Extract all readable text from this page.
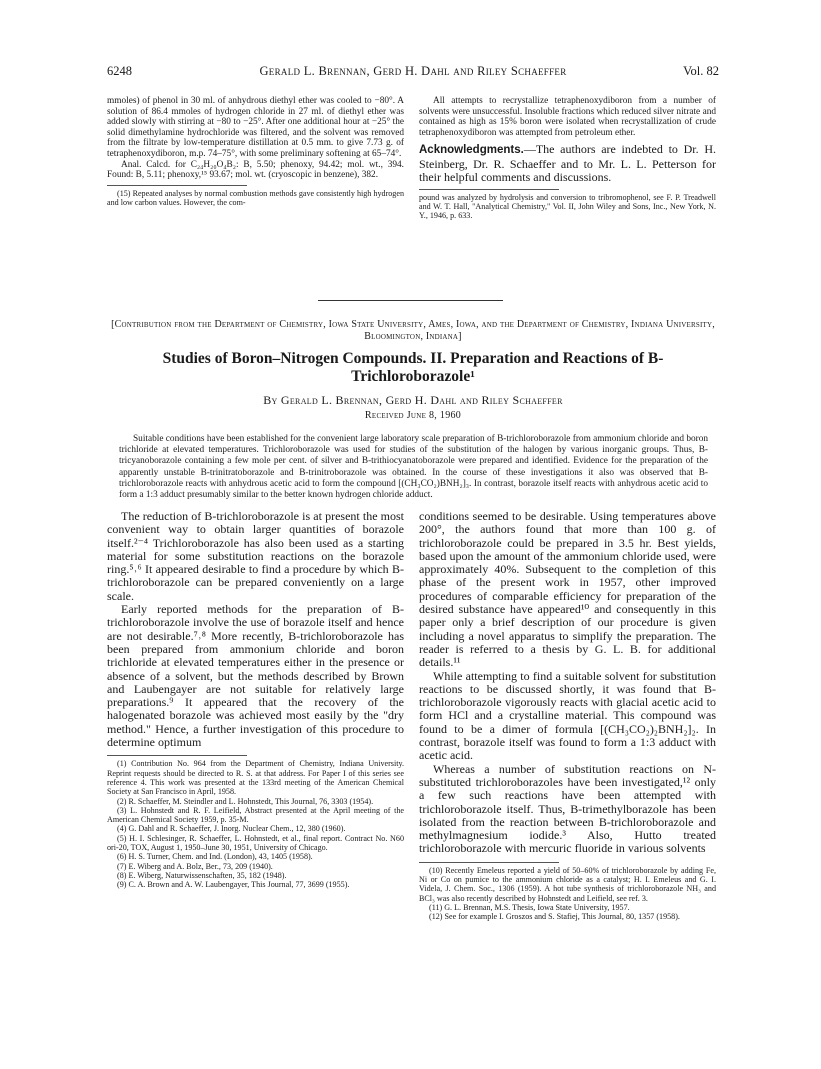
6248	Gerald L. Brennan, Gerd H. Dahl and Riley Schaeffer	Vol. 82

mmoles) of phenol in 30 ml. of anhydrous diethyl ether was cooled to −80°. A solution of 86.4 mmoles of hydrogen chloride in 27 ml. of diethyl ether was added slowly with stirring at −80 to −25°. After one additional hour at −25° the solid dimethylamine hydrochloride was filtered, and the solvent was removed from the filtrate by low-temperature distillation at 0.5 mm. to give 7.73 g. of tetraphenoxydiboron, m.p. 74–75°, with some preliminary softening at 65–74°.

Anal. Calcd. for C₂₄H₂₀O₄B₂: B, 5.50; phenoxy, 94.42; mol. wt., 394. Found: B, 5.11; phenoxy,¹⁵ 93.67; mol. wt. (cryoscopic in benzene), 382.

(15) Repeated analyses by normal combustion methods gave consistently high hydrogen and low carbon values. However, the com-

All attempts to recrystallize tetraphenoxydiboron from a number of solvents were unsuccessful. Insoluble fractions which reduced silver nitrate and contained as high as 15% boron were isolated when recrystallization of crude tetraphenoxydiboron was attempted from petroleum ether.

Acknowledgments.—The authors are indebted to Dr. H. Steinberg, Dr. R. Schaeffer and to Mr. L. L. Petterson for their helpful comments and discussions.

pound was analyzed by hydrolysis and conversion to tribromophenol, see F. P. Treadwell and W. T. Hall, "Analytical Chemistry," Vol. II, John Wiley and Sons, Inc., New York, N. Y., 1946, p. 633.

[Contribution from the Department of Chemistry, Iowa State University, Ames, Iowa, and the Department of Chemistry, Indiana University, Bloomington, Indiana]
Studies of Boron–Nitrogen Compounds. II. Preparation and Reactions of B-Trichloroborazole¹
By Gerald L. Brennan, Gerd H. Dahl and Riley Schaeffer
Received June 8, 1960
Suitable conditions have been established for the convenient large laboratory scale preparation of B-trichloroborazole from ammonium chloride and boron trichloride at elevated temperatures. Trichloroborazole was used for studies of the substitution of the halogen by various inorganic groups. Thus, B-tricyanoborazole containing a few mole per cent. of silver and B-trithiocyanatoborazole were prepared and identified. Evidence for the preparation of the apparently unstable B-trinitratoborazole and B-trinitroborazole was obtained. In the course of these investigations it also was observed that B-trichloroborazole reacts with anhydrous acetic acid to form the compound [(CH₃CO₂)BNH₂]₃. In contrast, borazole itself reacts with anhydrous acetic acid to form a 1:3 adduct presumably similar to the better known hydrogen chloride adduct.

The reduction of B-trichloroborazole is at present the most convenient way to obtain larger quantities of borazole itself.²⁻⁴ Trichloroborazole has also been used as a starting material for some substitution reactions on the borazole ring.⁵˒⁶ It appeared desirable to find a procedure by which B-trichloroborazole can be prepared conveniently on a large scale.

Early reported methods for the preparation of B-trichloroborazole involve the use of borazole itself and hence are not desirable.⁷˒⁸ More recently, B-trichloroborazole has been prepared from ammonium chloride and boron trichloride at elevated temperatures either in the presence or absence of a solvent, but the methods described by Brown and Laubengayer are not suitable for relatively large preparations.⁹ It appeared that the recovery of the halogenated borazole was achieved most easily by the "dry method." Hence, a further investigation of this procedure to determine optimum

(1) Contribution No. 964 from the Department of Chemistry, Indiana University. Reprint requests should be directed to R. S. at that address. For Paper I of this series see reference 4. This work was presented at the 133rd meeting of the American Chemical Society at San Francisco in April, 1958.

(2) R. Schaeffer, M. Steindler and L. Hohnstedt, This Journal, 76, 3303 (1954).

(3) L. Hohnstedt and R. F. Leifield, Abstract presented at the April meeting of the American Chemical Society 1959, p. 35-M.

(4) G. Dahl and R. Schaeffer, J. Inorg. Nuclear Chem., 12, 380 (1960).

(5) H. I. Schlesinger, R. Schaeffer, L. Hohnstedt, et al., final report. Contract No. N60 ori-20, TOX, August 1, 1950–June 30, 1951, University of Chicago.

(6) H. S. Turner, Chem. and Ind. (London), 43, 1405 (1958).

(7) E. Wiberg and A. Bolz, Ber., 73, 209 (1940).

(8) E. Wiberg, Naturwissenschaften, 35, 182 (1948).

(9) C. A. Brown and A. W. Laubengayer, This Journal, 77, 3699 (1955).

conditions seemed to be desirable. Using temperatures above 200°, the authors found that more than 100 g. of trichloroborazole could be prepared in 3.5 hr. Best yields, based upon the amount of the ammonium chloride used, were approximately 40%. Subsequent to the completion of this phase of the present work in 1957, other improved procedures of comparable efficiency for preparation of the desired substance have appeared¹⁰ and consequently in this paper only a brief description of our procedure is given including a novel apparatus to simplify the preparation. The reader is referred to a thesis by G. L. B. for additional details.¹¹

While attempting to find a suitable solvent for substitution reactions to be discussed shortly, it was found that B-trichloroborazole vigorously reacts with glacial acetic acid to form HCl and a crystalline material. This compound was found to be a dimer of formula [(CH₃CO₂)₂BNH₂]₂. In contrast, borazole itself was found to form a 1:3 adduct with acetic acid.

Whereas a number of substitution reactions on N-substituted trichloroborazoles have been investigated,¹² only a few such reactions have been attempted with trichloroborazole itself. Thus, B-trimethylborazole has been isolated from the reaction between B-trichloroborazole and methylmagnesium iodide.³ Also, Hutto treated trichloroborazole with mercuric fluoride in various solvents

(10) Recently Emeleus reported a yield of 50–60% of trichloroborazole by adding Fe, Ni or Co on pumice to the ammonium chloride as a catalyst; H. I. Emeleus and G. I. Videla, J. Chem. Soc., 1306 (1959). A hot tube synthesis of trichloroborazole NH₃ and BCl₃ was also recently described by Hohnstedt and Leifield, see ref. 3.

(11) G. L. Brennan, M.S. Thesis, Iowa State University, 1957.

(12) See for example I. Groszos and S. Stafiej, This Journal, 80, 1357 (1958).
